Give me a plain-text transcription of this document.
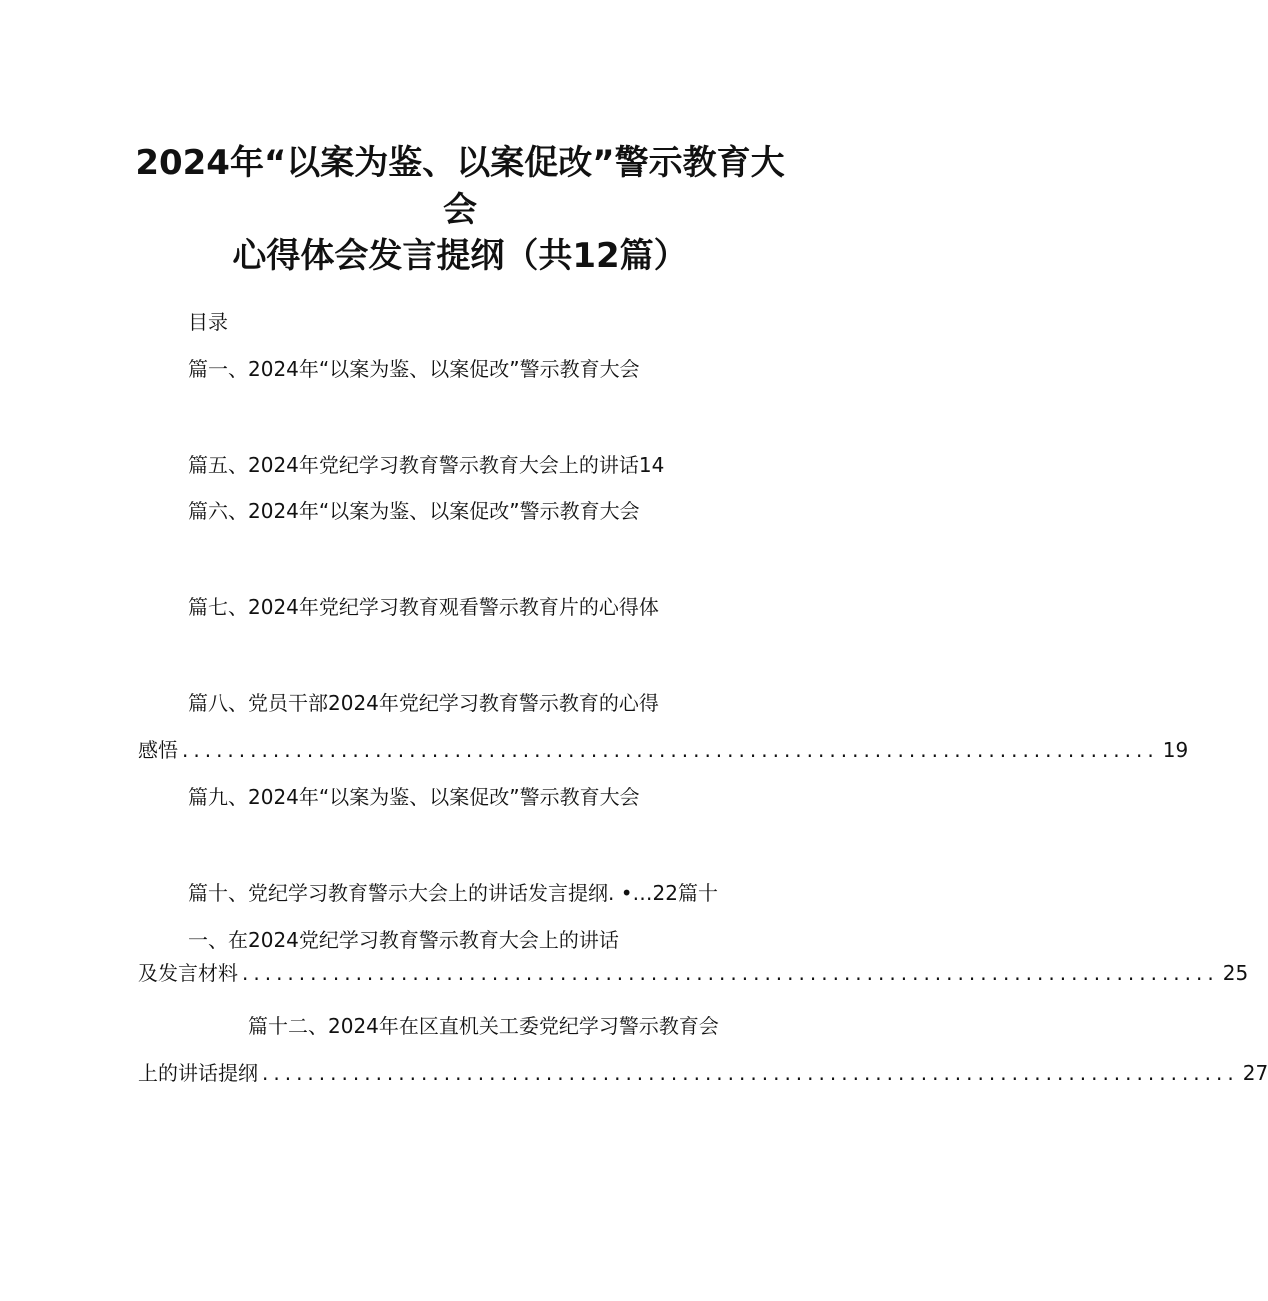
2024年“以案为鉴、以案促改”警示教育大
会
心得体会发言提纲（共12篇）
目录
篇一、2024年“以案为鉴、以案促改”警示教育大会
篇五、2024年党纪学习教育警示教育大会上的讲话14
篇六、2024年“以案为鉴、以案促改”警示教育大会
篇七、2024年党纪学习教育观看警示教育片的心得体
篇八、党员干部2024年党纪学习教育警示教育的心得
感悟 ...................................................................................... 19
篇九、2024年“以案为鉴、以案促改”警示教育大会
篇十、党纪学习教育警示大会上的讲话发言提纲. •…22篇十
一、在2024党纪学习教育警示教育大会上的讲话
及发言材料 ...................................................................................... 25
篇十二、2024年在区直机关工委党纪学习警示教育会
上的讲话提纲 ...................................................................................... 27
